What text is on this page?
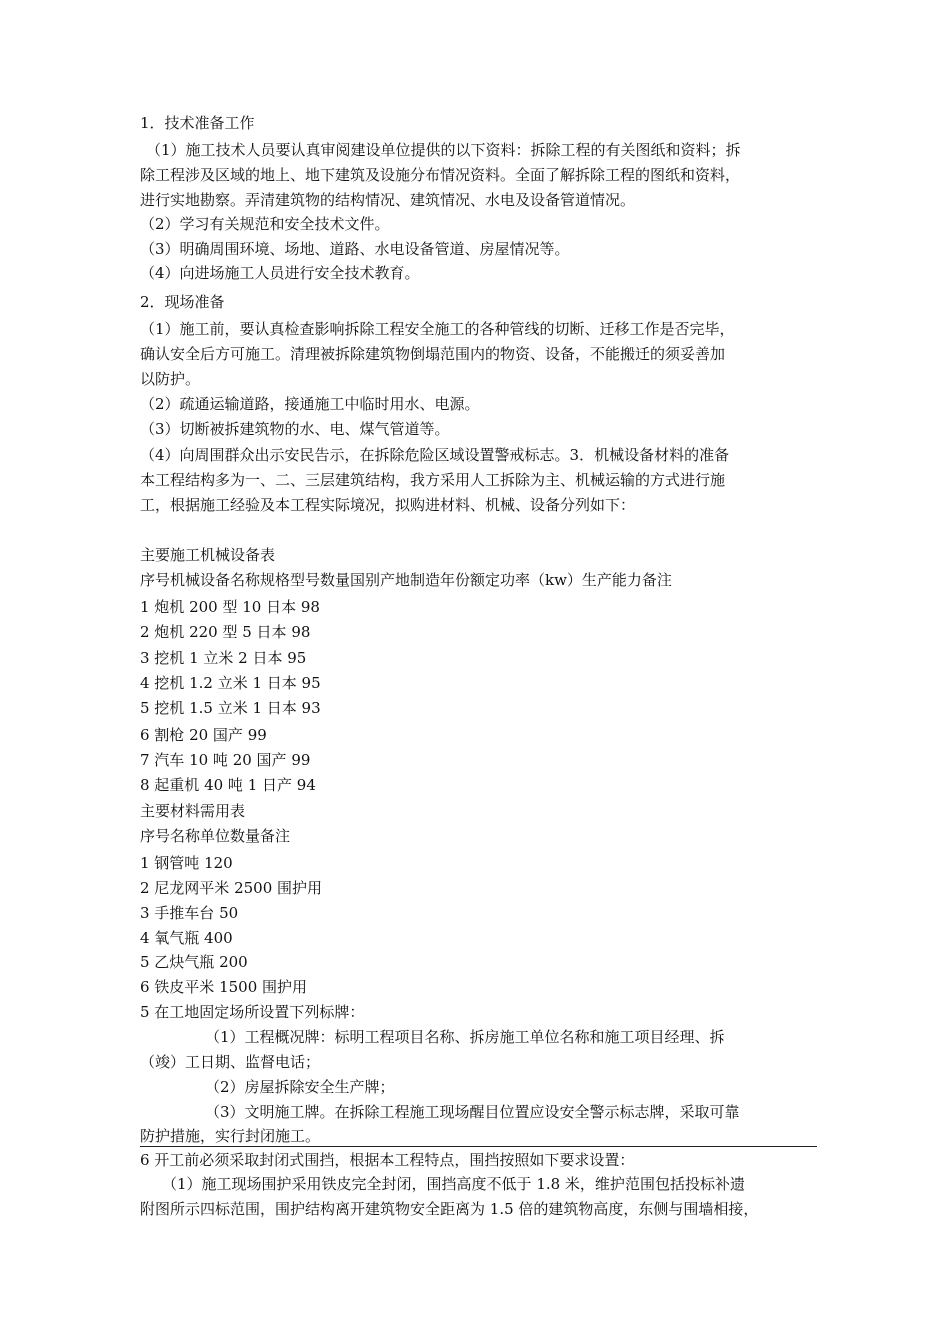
1．技术准备工作

（1）施工技术人员要认真审阅建设单位提供的以下资料：拆除工程的有关图纸和资料；拆

除工程涉及区域的地上、地下建筑及设施分布情况资料。全面了解拆除工程的图纸和资料，

进行实地勘察。弄清建筑物的结构情况、建筑情况、水电及设备管道情况。

（2）学习有关规范和安全技术文件。

（3）明确周围环境、场地、道路、水电设备管道、房屋情况等。

（4）向进场施工人员进行安全技术教育。

2．现场准备

（1）施工前，要认真检查影响拆除工程安全施工的各种管线的切断、迁移工作是否完毕，

确认安全后方可施工。清理被拆除建筑物倒塌范围内的物资、设备，不能搬迁的须妥善加

以防护。

（2）疏通运输道路，接通施工中临时用水、电源。

（3）切断被拆建筑物的水、电、煤气管道等。

（4）向周围群众出示安民告示，在拆除危险区域设置警戒标志。3．机械设备材料的准备

本工程结构多为一、二、三层建筑结构，我方采用人工拆除为主、机械运输的方式进行施

工，根据施工经验及本工程实际境况，拟购进材料、机械、设备分列如下：

主要施工机械设备表

序号机械设备名称规格型号数量国别产地制造年份额定功率（kw）生产能力备注

1 炮机 200 型 10 日本 98

2 炮机 220 型 5 日本 98

3 挖机 1 立米 2 日本 95

4 挖机 1.2 立米 1 日本 95

5 挖机 1.5 立米 1 日本 93

6 割枪 20 国产 99

7 汽车 10 吨 20 国产 99

8 起重机 40 吨 1 日产 94

主要材料需用表

序号名称单位数量备注

1 钢管吨 120

2 尼龙网平米 2500 围护用

3 手推车台 50

4 氧气瓶 400

5 乙炔气瓶 200

6 铁皮平米 1500 围护用

5 在工地固定场所设置下列标牌：

（1）工程概况牌：标明工程项目名称、拆房施工单位名称和施工项目经理、拆

（竣）工日期、监督电话；

（2）房屋拆除安全生产牌；

（3）文明施工牌。在拆除工程施工现场醒目位置应设安全警示标志牌，采取可靠

防护措施，实行封闭施工。

6 开工前必须采取封闭式围挡，根据本工程特点，围挡按照如下要求设置：

（1）施工现场围护采用铁皮完全封闭，围挡高度不低于 1.8 米，维护范围包括投标补遗

附图所示四标范围，围护结构离开建筑物安全距离为 1.5 倍的建筑物高度，东侧与围墙相接，
